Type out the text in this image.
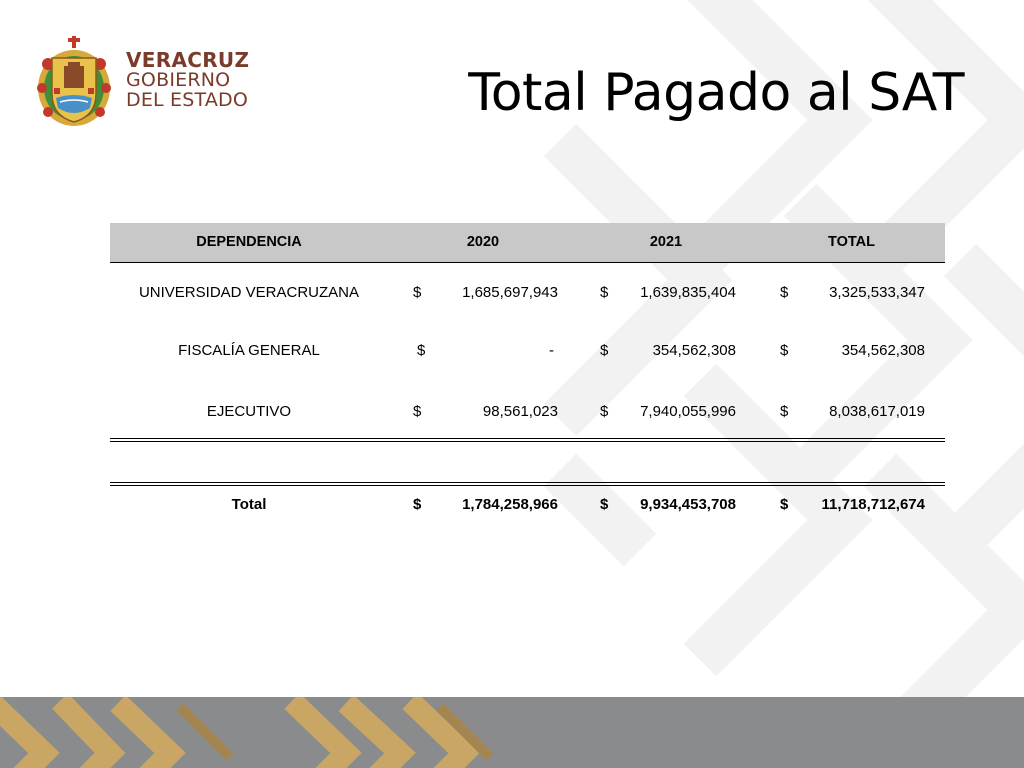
VERACRUZ
GOBIERNO
DEL ESTADO	Total Pagado al SAT
DEPENDENCIA	2020	2021	TOTAL
UNIVERSIDAD VERACRUZANA	$	1,685,697,943	$ 1,639,835,404	$	3,325,533,347
FISCALÍA GENERAL	$	-	$	354,562,308	$	354,562,308
EJECUTIVO	$	98,561,023	$ 7,940,055,996	$	8,038,617,019
Total	$	1,784,258,966	$ 9,934,453,708	$ 11,718,712,674
